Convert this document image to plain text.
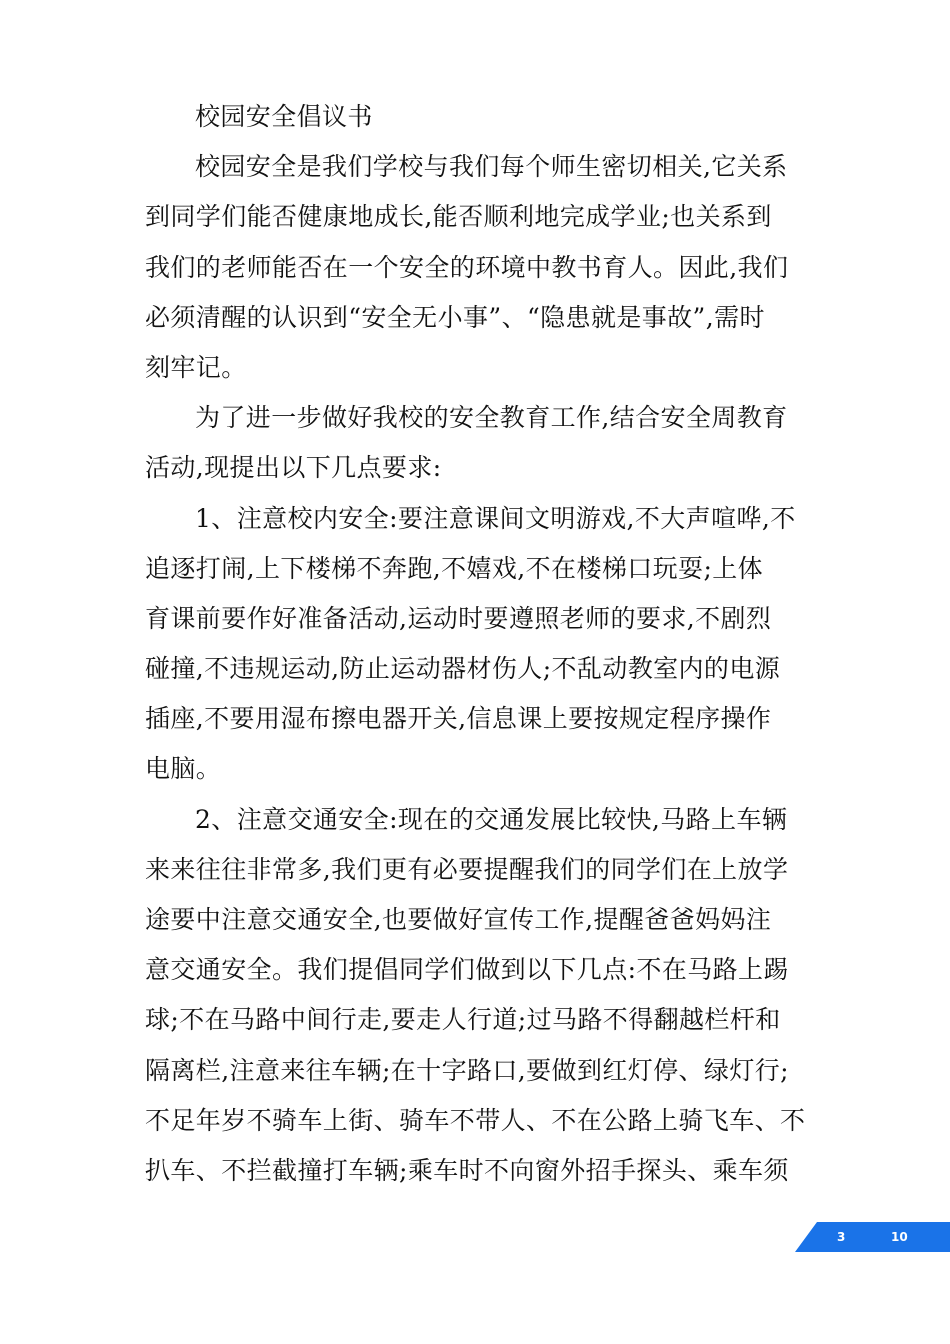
校园安全倡议书
校园安全是我们学校与我们每个师生密切相关,它关系
到同学们能否健康地成长,能否顺利地完成学业;也关系到
我们的老师能否在一个安全的环境中教书育人。因此,我们
必须清醒的认识到“安全无小事”、“隐患就是事故”,需时
刻牢记。
为了进一步做好我校的安全教育工作,结合安全周教育
活动,现提出以下几点要求:
1、注意校内安全:要注意课间文明游戏,不大声喧哗,不
追逐打闹,上下楼梯不奔跑,不嬉戏,不在楼梯口玩耍;上体
育课前要作好准备活动,运动时要遵照老师的要求,不剧烈
碰撞,不违规运动,防止运动器材伤人;不乱动教室内的电源
插座,不要用湿布擦电器开关,信息课上要按规定程序操作
电脑。
2、注意交通安全:现在的交通发展比较快,马路上车辆
来来往往非常多,我们更有必要提醒我们的同学们在上放学
途要中注意交通安全,也要做好宣传工作,提醒爸爸妈妈注
意交通安全。我们提倡同学们做到以下几点:不在马路上踢
球;不在马路中间行走,要走人行道;过马路不得翻越栏杆和
隔离栏,注意来往车辆;在十字路口,要做到红灯停、绿灯行;
不足年岁不骑车上街、骑车不带人、不在公路上骑飞车、不
扒车、不拦截撞打车辆;乘车时不向窗外招手探头、乘车须
3	10
